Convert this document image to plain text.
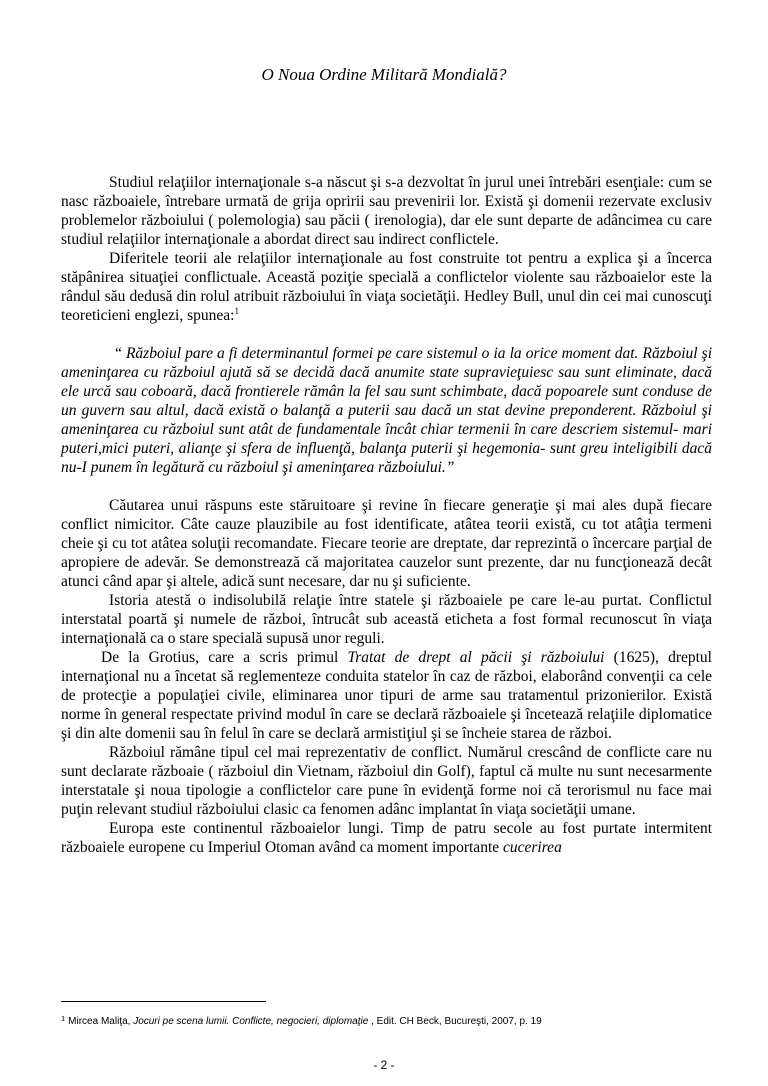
O Noua Ordine Militară Mondială?

Studiul relaţiilor internaţionale s-a născut şi s-a dezvoltat în jurul unei întrebări esenţiale: cum se nasc războaiele, întrebare urmată de grija opririi sau prevenirii lor. Există şi domenii rezervate exclusiv problemelor războiului ( polemologia) sau păcii ( irenologia), dar ele sunt departe de adâncimea cu care studiul relaţiilor internaţionale a abordat direct sau indirect conflictele.

Diferitele teorii ale relaţiilor internaţionale au fost construite tot pentru a explica şi a încerca stăpânirea situaţiei conflictuale. Această poziţie specială a conflictelor violente sau războaielor este la rândul său dedusă din rolul atribuit războiului în viaţa societăţii. Hedley Bull, unul din cei mai cunoscuţi teoreticieni englezi, spunea:$^1$

“ Războiul pare a fi determinantul formei pe care sistemul o ia la orice moment dat. Războiul şi ameninţarea cu războiul ajută să se decidă dacă anumite state supravieţuiesc sau sunt eliminate, dacă ele urcă sau coboară, dacă frontierele rămân la fel sau sunt schimbate, dacă popoarele sunt conduse de un guvern sau altul, dacă există o balanţă a puterii sau dacă un stat devine preponderent. Războiul şi ameninţarea cu războiul sunt atât de fundamentale încât chiar termenii în care descriem sistemul- mari puteri,mici puteri, alianţe şi sfera de influenţă, balanţa puterii şi hegemonia- sunt greu inteligibili dacă nu-I punem în legătură cu războiul şi ameninţarea războiului.”

Căutarea unui răspuns este stăruitoare şi revine în fiecare generaţie şi mai ales după fiecare conflict nimicitor. Câte cauze plauzibile au fost identificate, atâtea teorii există, cu tot atâţia termeni cheie şi cu tot atâtea soluţii recomandate. Fiecare teorie are dreptate, dar reprezintă o încercare parţial de apropiere de adevăr. Se demonstrează că majoritatea cauzelor sunt prezente, dar nu funcţionează decât atunci când apar şi altele, adică sunt necesare, dar nu şi suficiente.

Istoria atestă o indisolubilă relaţie între statele şi războaiele pe care le-au purtat. Conflictul interstatal poartă şi numele de război, întrucât sub această eticheta a fost formal recunoscut în viaţa internaţională ca o stare specială supusă unor reguli.

De la Grotius, care a scris primul Tratat de drept al păcii şi războiului (1625), dreptul internaţional nu a încetat să reglementeze conduita statelor în caz de război, elaborând convenţii ca cele de protecţie a populaţiei civile, eliminarea unor tipuri de arme sau tratamentul prizonierilor. Există norme în general respectate privind modul în care se declară războaiele şi încetează relaţiile diplomatice şi din alte domenii sau în felul în care se declară armistiţiul şi se încheie starea de război.

Războiul rămâne tipul cel mai reprezentativ de conflict. Numărul crescând de conflicte care nu sunt declarate războaie ( războiul din Vietnam, războiul din Golf), faptul că multe nu sunt necesarmente interstatale şi noua tipologie a conflictelor care pune în evidenţă forme noi că terorismul nu face mai puţin relevant studiul războiului clasic ca fenomen adânc implantat în viaţa societăţii umane.

Europa este continentul războaielor lungi. Timp de patru secole au fost purtate intermitent războaiele europene cu Imperiul Otoman având ca moment importante cucerirea

$^1$ Mircea Maliţa, Jocuri pe scena lumii. Conflicte, negocieri, diplomaţie , Edit. CH Beck, Bucureşti, 2007, p. 19
- 2 -
